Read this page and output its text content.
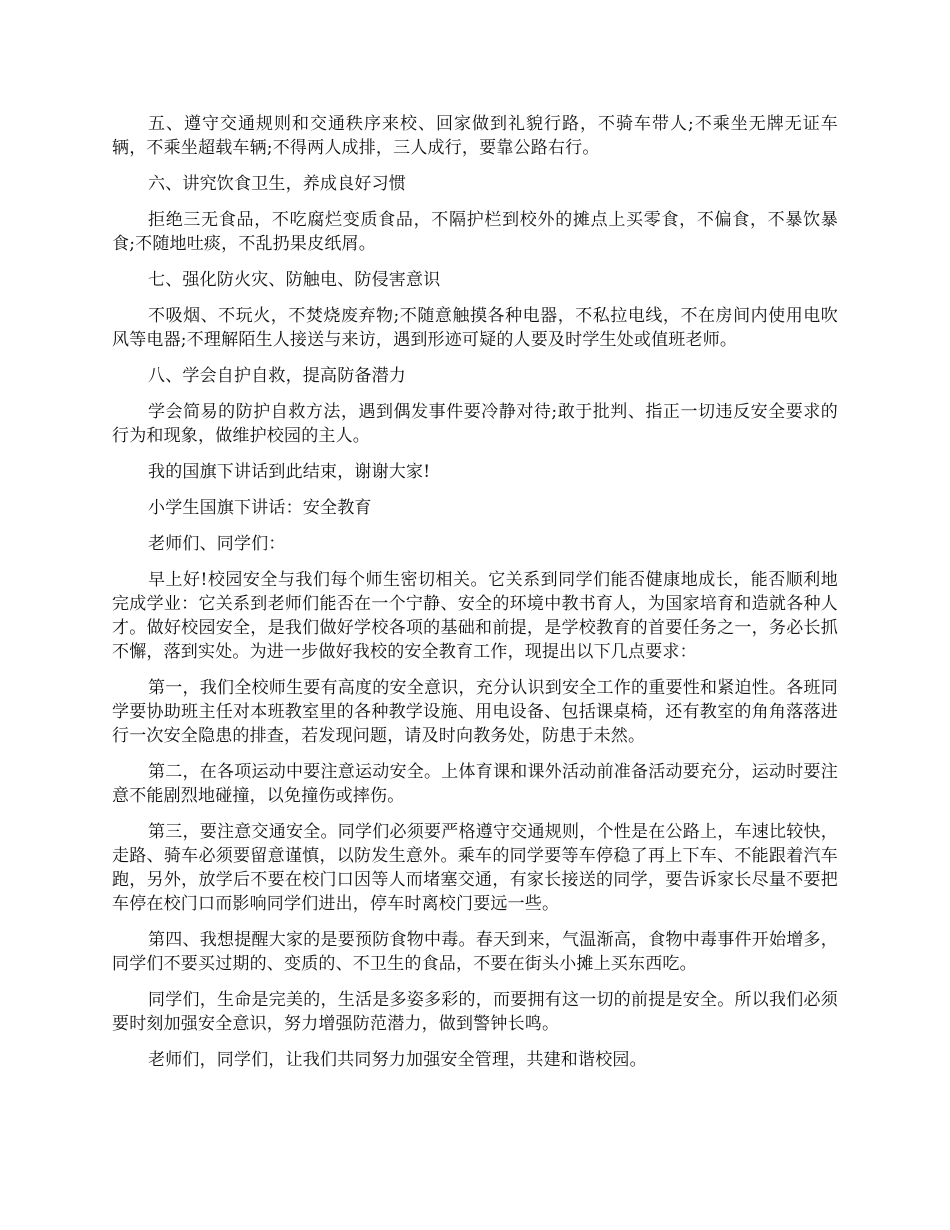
五、遵守交通规则和交通秩序来校、回家做到礼貌行路，不骑车带人;不乘坐无牌无证车辆，不乘坐超载车辆;不得两人成排，三人成行，要靠公路右行。

六、讲究饮食卫生，养成良好习惯

拒绝三无食品，不吃腐烂变质食品，不隔护栏到校外的摊点上买零食，不偏食，不暴饮暴食;不随地吐痰，不乱扔果皮纸屑。

七、强化防火灾、防触电、防侵害意识

不吸烟、不玩火，不焚烧废弃物;不随意触摸各种电器，不私拉电线，不在房间内使用电吹风等电器;不理解陌生人接送与来访，遇到形迹可疑的人要及时学生处或值班老师。

八、学会自护自救，提高防备潜力

学会简易的防护自救方法，遇到偶发事件要冷静对待;敢于批判、指正一切违反安全要求的行为和现象，做维护校园的主人。

我的国旗下讲话到此结束，谢谢大家!

小学生国旗下讲话：安全教育

老师们、同学们：

早上好!校园安全与我们每个师生密切相关。它关系到同学们能否健康地成长，能否顺利地完成学业：它关系到老师们能否在一个宁静、安全的环境中教书育人，为国家培育和造就各种人才。做好校园安全，是我们做好学校各项的基础和前提，是学校教育的首要任务之一，务必长抓不懈，落到实处。为进一步做好我校的安全教育工作，现提出以下几点要求：

第一，我们全校师生要有高度的安全意识，充分认识到安全工作的重要性和紧迫性。各班同学要协助班主任对本班教室里的各种教学设施、用电设备、包括课桌椅，还有教室的角角落落进行一次安全隐患的排查，若发现问题，请及时向教务处，防患于未然。

第二，在各项运动中要注意运动安全。上体育课和课外活动前准备活动要充分，运动时要注意不能剧烈地碰撞，以免撞伤或摔伤。

第三，要注意交通安全。同学们必须要严格遵守交通规则，个性是在公路上，车速比较快，走路、骑车必须要留意谨慎，以防发生意外。乘车的同学要等车停稳了再上下车、不能跟着汽车跑，另外，放学后不要在校门口因等人而堵塞交通，有家长接送的同学，要告诉家长尽量不要把车停在校门口而影响同学们进出，停车时离校门要远一些。

第四、我想提醒大家的是要预防食物中毒。春天到来，气温渐高，食物中毒事件开始增多，同学们不要买过期的、变质的、不卫生的食品，不要在街头小摊上买东西吃。

同学们，生命是完美的，生活是多姿多彩的，而要拥有这一切的前提是安全。所以我们必须要时刻加强安全意识，努力增强防范潜力，做到警钟长鸣。

老师们，同学们，让我们共同努力加强安全管理，共建和谐校园。
